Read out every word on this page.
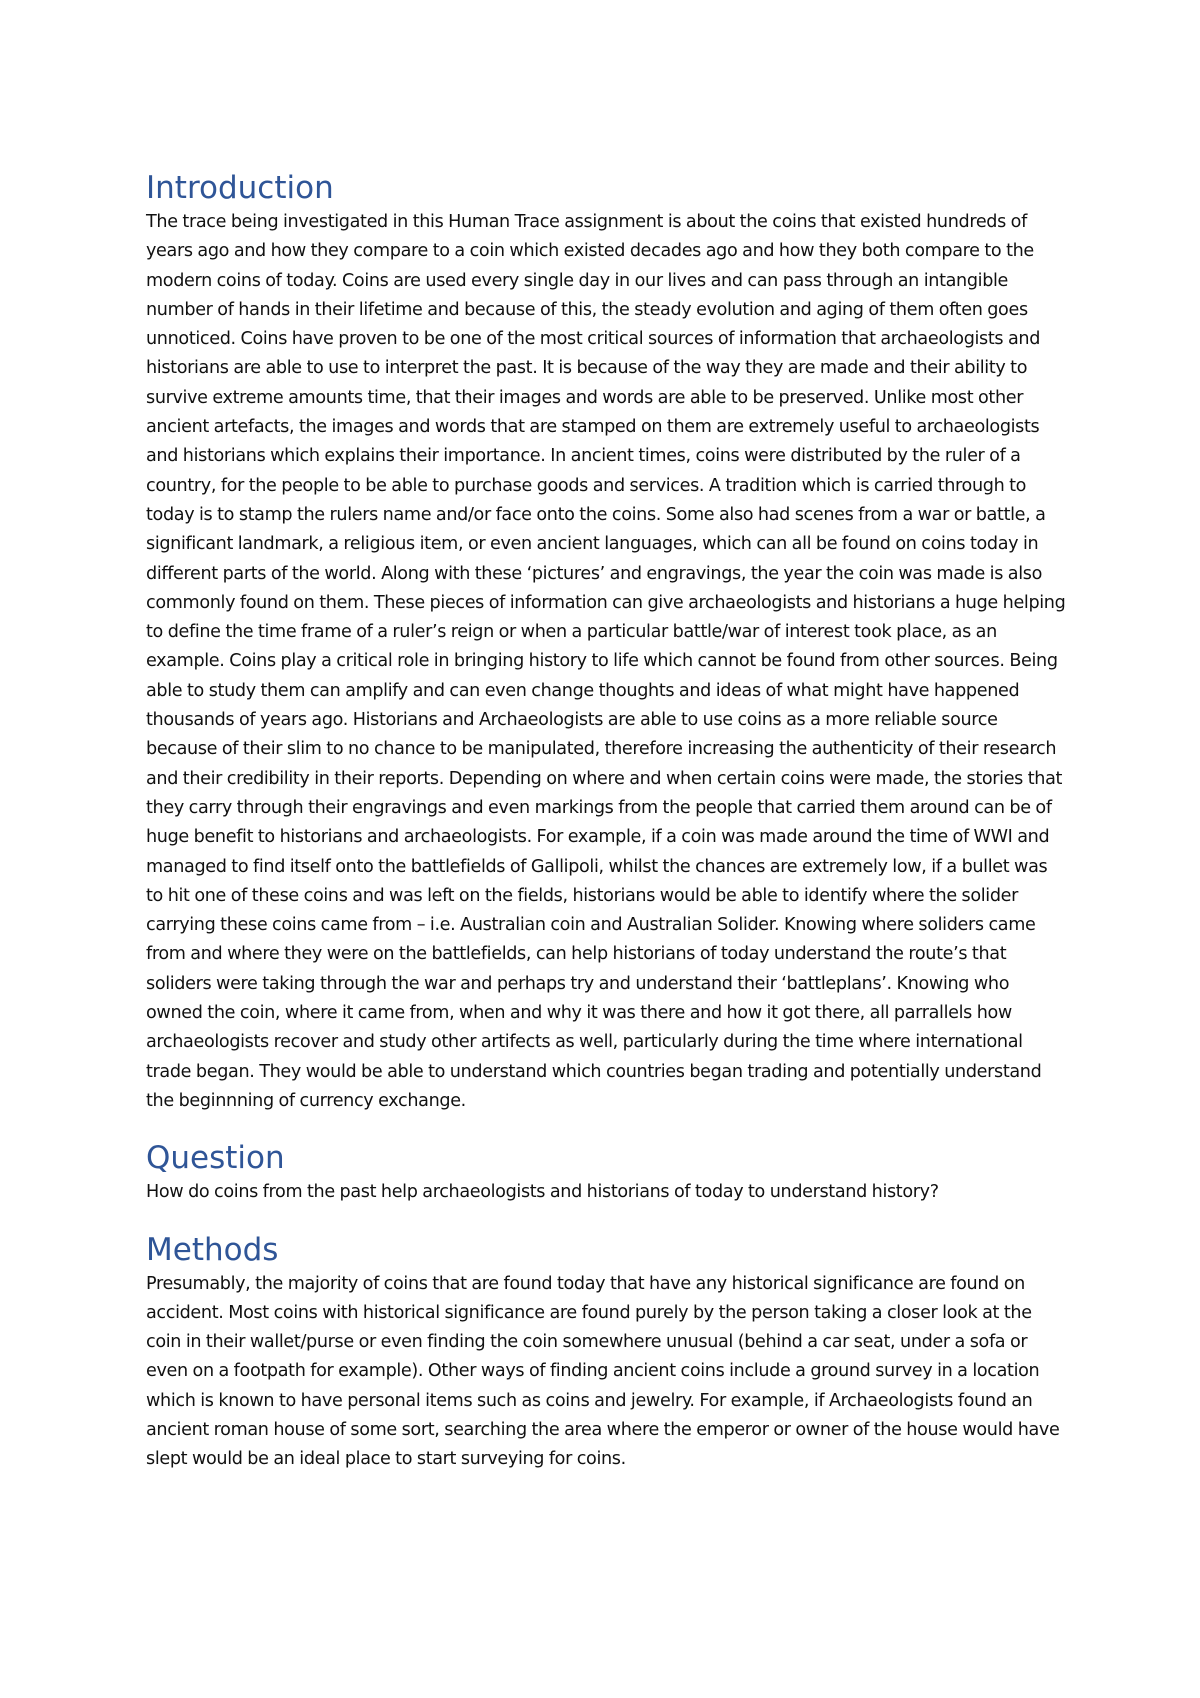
Introduction

The trace being investigated in this Human Trace assignment is about the coins that existed hundreds of years ago and how they compare to a coin which existed decades ago and how they both compare to the modern coins of today. Coins are used every single day in our lives and can pass through an intangible number of hands in their lifetime and because of this, the steady evolution and aging of them often goes unnoticed. Coins have proven to be one of the most critical sources of information that archaeologists and historians are able to use to interpret the past. It is because of the way they are made and their ability to survive extreme amounts time, that their images and words are able to be preserved. Unlike most other ancient artefacts, the images and words that are stamped on them are extremely useful to archaeologists and historians which explains their importance. In ancient times, coins were distributed by the ruler of a country, for the people to be able to purchase goods and services. A tradition which is carried through to today is to stamp the rulers name and/or face onto the coins. Some also had scenes from a war or battle, a significant landmark, a religious item, or even ancient languages, which can all be found on coins today in different parts of the world. Along with these ‘pictures’ and engravings, the year the coin was made is also commonly found on them. These pieces of information can give archaeologists and historians a huge helping to define the time frame of a ruler’s reign or when a particular battle/war of interest took place, as an example. Coins play a critical role in bringing history to life which cannot be found from other sources. Being able to study them can amplify and can even change thoughts and ideas of what might have happened thousands of years ago. Historians and Archaeologists are able to use coins as a more reliable source because of their slim to no chance to be manipulated, therefore increasing the authenticity of their research and their credibility in their reports. Depending on where and when certain coins were made, the stories that they carry through their engravings and even markings from the people that carried them around can be of huge benefit to historians and archaeologists. For example, if a coin was made around the time of WWI and managed to find itself onto the battlefields of Gallipoli, whilst the chances are extremely low, if a bullet was to hit one of these coins and was left on the fields, historians would be able to identify where the solider carrying these coins came from – i.e. Australian coin and Australian Solider. Knowing where soliders came from and where they were on the battlefields, can help historians of today understand the route’s that soliders were taking through the war and perhaps try and understand their ‘battleplans’. Knowing who owned the coin, where it came from, when and why it was there and how it got there, all parrallels how archaeologists recover and study other artifects as well, particularly during the time where international trade began. They would be able to understand which countries began trading and potentially understand the beginnning of currency exchange.

Question

How do coins from the past help archaeologists and historians of today to understand history?

Methods

Presumably, the majority of coins that are found today that have any historical significance are found on accident. Most coins with historical significance are found purely by the person taking a closer look at the coin in their wallet/purse or even finding the coin somewhere unusual (behind a car seat, under a sofa or even on a footpath for example). Other ways of finding ancient coins include a ground survey in a location which is known to have personal items such as coins and jewelry. For example, if Archaeologists found an ancient roman house of some sort, searching the area where the emperor or owner of the house would have slept would be an ideal place to start surveying for coins.
